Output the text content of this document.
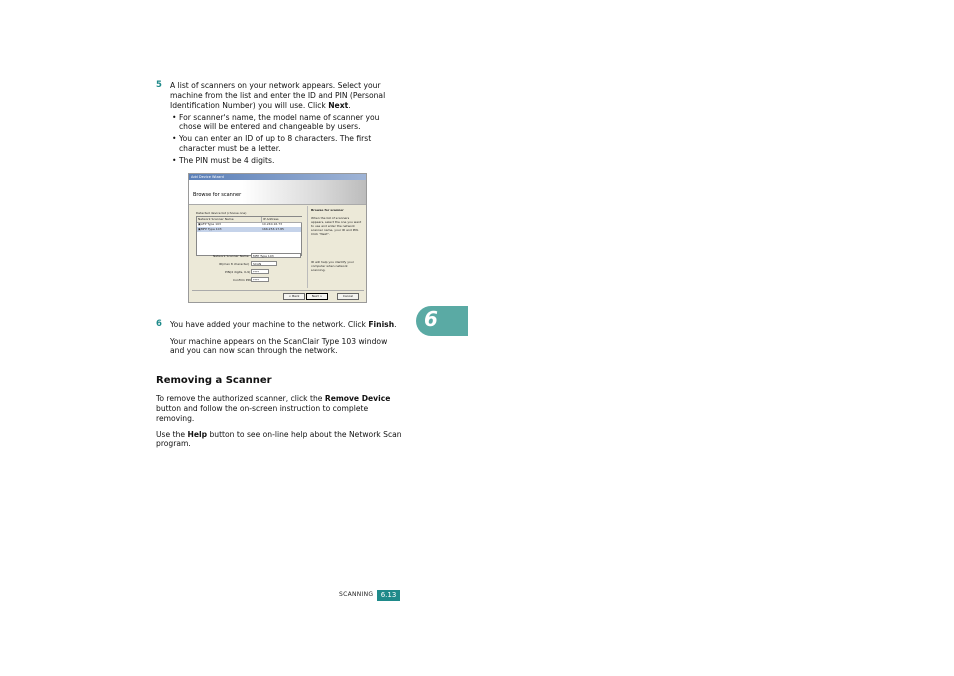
5 A list of scanners on your network appears. Select your
machine from the list and enter the ID and PIN (Personal
Identification Number) you will use. Click Next.
• For scanner's name, the model name of scanner you
chose will be entered and changeable by users.
• You can enter an ID of up to 8 characters. The first
character must be a letter.
• The PIN must be 4 digits.
Add Device Wizard
Browse for scanner
Detected device list (choose one)
Network Scanner Name	IP Address
▣AFP Type 103	10.240.16.73
▣MFP Type 103	166.253.17.85
Network Scanner Name MFP Type 103
ID(max 8 character) SCAN
PIN(4 digits, 0-9) ****
Confirm PIN ****
Browse for scanner
When the list of scanners appears, select the one you want to use and enter the network scanner name, your ID and PIN. Click "Next".
ID will help you identify your computer when network scanning.
< Back	Next >	Cancel
6 You have added your machine to the network. Click Finish.
Your machine appears on the ScanClair Type 103 window
and you can now scan through the network.
Removing a Scanner
To remove the authorized scanner, click the Remove Device
button and follow the on-screen instruction to complete
removing.
Use the Help button to see on-line help about the Network Scan
program.
6
SCANNING	6.13
